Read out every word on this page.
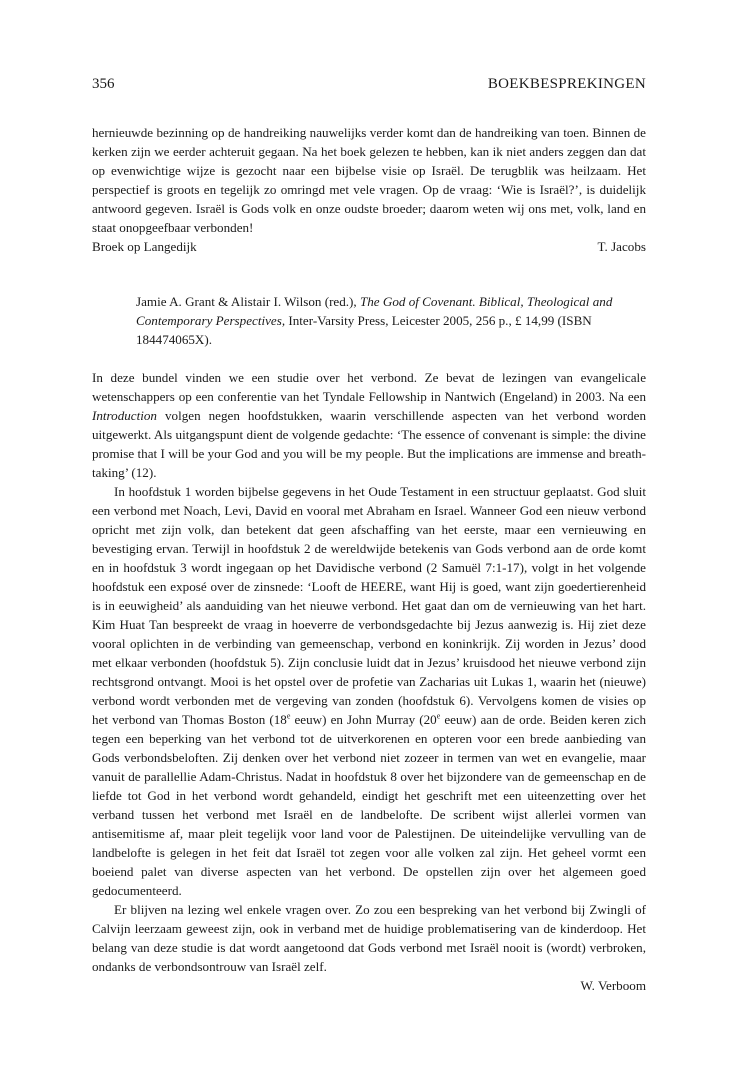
356	BOEKBESPREKINGEN

hernieuwde bezinning op de handreiking nauwelijks verder komt dan de handreiking van toen. Binnen de kerken zijn we eerder achteruit gegaan. Na het boek gelezen te hebben, kan ik niet anders zeggen dan dat op evenwichtige wijze is gezocht naar een bijbelse visie op Israël. De terugblik was heilzaam. Het perspectief is groots en tegelijk zo omringd met vele vragen. Op de vraag: ‘Wie is Israël?’, is duidelijk antwoord gegeven. Israël is Gods volk en onze oudste broeder; daarom weten wij ons met, volk, land en staat onopgeefbaar verbonden!

Broek op Langedijk	T. Jacobs
Jamie A. Grant & Alistair I. Wilson (red.), The God of Covenant. Biblical, Theological and Contemporary Perspectives, Inter-Varsity Press, Leicester 2005, 256 p., £ 14,99 (ISBN 184474065X).

In deze bundel vinden we een studie over het verbond. Ze bevat de lezingen van evangelicale wetenschappers op een conferentie van het Tyndale Fellowship in Nantwich (Engeland) in 2003. Na een Introduction volgen negen hoofdstukken, waarin verschillende aspecten van het verbond worden uitgewerkt. Als uitgangspunt dient de volgende gedachte: ‘The essence of convenant is simple: the divine promise that I will be your God and you will be my people. But the implications are immense and breath-taking’ (12).

In hoofdstuk 1 worden bijbelse gegevens in het Oude Testament in een structuur geplaatst. God sluit een verbond met Noach, Levi, David en vooral met Abraham en Israel. Wanneer God een nieuw verbond opricht met zijn volk, dan betekent dat geen afschaffing van het eerste, maar een vernieuwing en bevestiging ervan. Terwijl in hoofdstuk 2 de wereldwijde betekenis van Gods verbond aan de orde komt en in hoofdstuk 3 wordt ingegaan op het Davidische verbond (2 Samuël 7:1-17), volgt in het volgende hoofdstuk een exposé over de zinsnede: ‘Looft de HEERE, want Hij is goed, want zijn goedertierenheid is in eeuwigheid’ als aanduiding van het nieuwe verbond. Het gaat dan om de vernieuwing van het hart. Kim Huat Tan bespreekt de vraag in hoeverre de verbondsgedachte bij Jezus aanwezig is. Hij ziet deze vooral oplichten in de verbinding van gemeenschap, verbond en koninkrijk. Zij worden in Jezus’ dood met elkaar verbonden (hoofdstuk 5). Zijn conclusie luidt dat in Jezus’ kruisdood het nieuwe verbond zijn rechtsgrond ontvangt. Mooi is het opstel over de profetie van Zacharias uit Lukas 1, waarin het (nieuwe) verbond wordt verbonden met de vergeving van zonden (hoofdstuk 6). Vervolgens komen de visies op het verbond van Thomas Boston (18e eeuw) en John Murray (20e eeuw) aan de orde. Beiden keren zich tegen een beperking van het verbond tot de uitverkorenen en opteren voor een brede aanbieding van Gods verbondsbeloften. Zij denken over het verbond niet zozeer in termen van wet en evangelie, maar vanuit de parallellie Adam-Christus. Nadat in hoofdstuk 8 over het bijzondere van de gemeenschap en de liefde tot God in het verbond wordt gehandeld, eindigt het geschrift met een uiteenzetting over het verband tussen het verbond met Israël en de landbelofte. De scribent wijst allerlei vormen van antisemitisme af, maar pleit tegelijk voor land voor de Palestijnen. De uiteindelijke vervulling van de landbelofte is gelegen in het feit dat Israël tot zegen voor alle volken zal zijn. Het geheel vormt een boeiend palet van diverse aspecten van het verbond. De opstellen zijn over het algemeen goed gedocumenteerd.

Er blijven na lezing wel enkele vragen over. Zo zou een bespreking van het verbond bij Zwingli of Calvijn leerzaam geweest zijn, ook in verband met de huidige problematisering van de kinderdoop. Het belang van deze studie is dat wordt aangetoond dat Gods verbond met Israël nooit is (wordt) verbroken, ondanks de verbondsontrouw van Israël zelf.

W. Verboom
